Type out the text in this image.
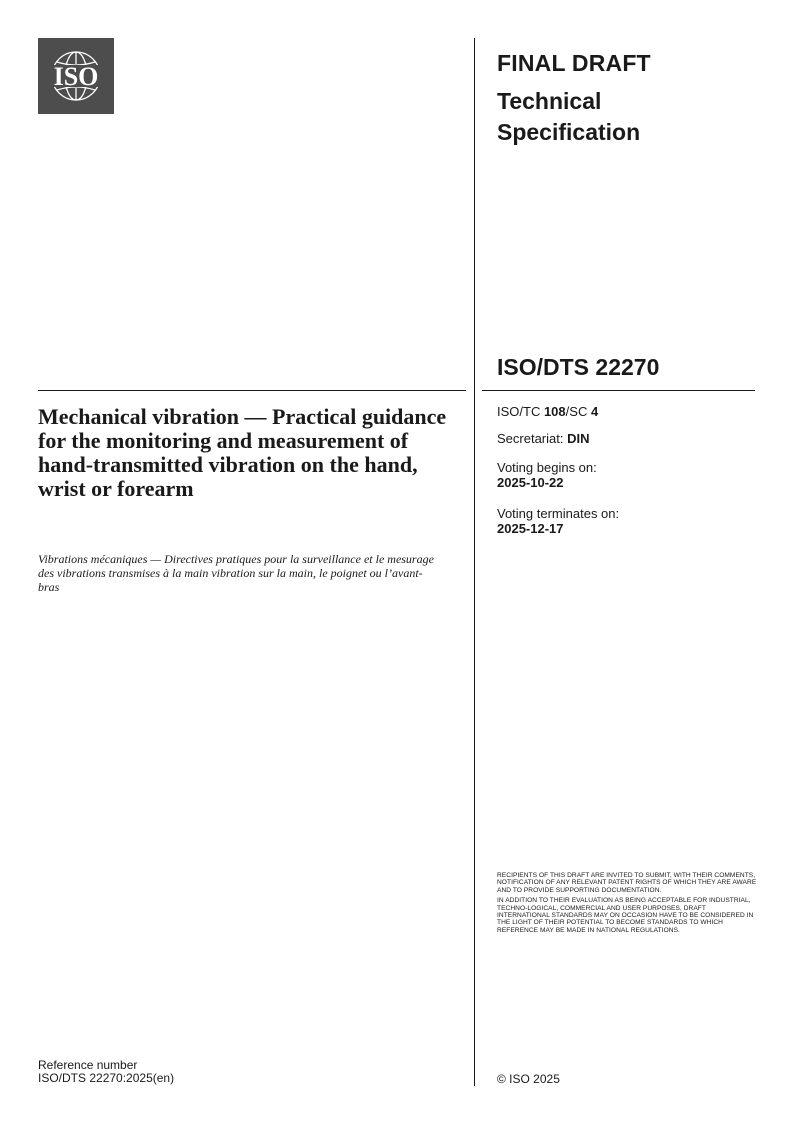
ISO	FINAL DRAFT
Technical Specification
ISO/DTS 22270
ISO/TC 108/SC 4
Secretariat: DIN
Voting begins on:
2025-10-22
Voting terminates on:
2025-12-17
Mechanical vibration — Practical guidance for the monitoring and measurement of hand-transmitted vibration on the hand, wrist or forearm

Vibrations mécaniques — Directives pratiques pour la surveillance et le mesurage des vibrations transmises à la main vibration sur la main, le poignet ou l’avant-bras

RECIPIENTS OF THIS DRAFT ARE INVITED TO SUBMIT, WITH THEIR COMMENTS, NOTIFICATION OF ANY RELEVANT PATENT RIGHTS OF WHICH THEY ARE AWARE AND TO PROVIDE SUPPORTING DOCUMENTATION.

IN ADDITION TO THEIR EVALUATION AS BEING ACCEPTABLE FOR INDUSTRIAL, TECHNO-LOGICAL, COMMERCIAL AND USER PURPOSES, DRAFT INTERNATIONAL STANDARDS MAY ON OCCASION HAVE TO BE CONSIDERED IN THE LIGHT OF THEIR POTENTIAL TO BECOME STANDARDS TO WHICH REFERENCE MAY BE MADE IN NATIONAL REGULATIONS.

Reference number
ISO/DTS 22270:2025(en)	© ISO 2025
